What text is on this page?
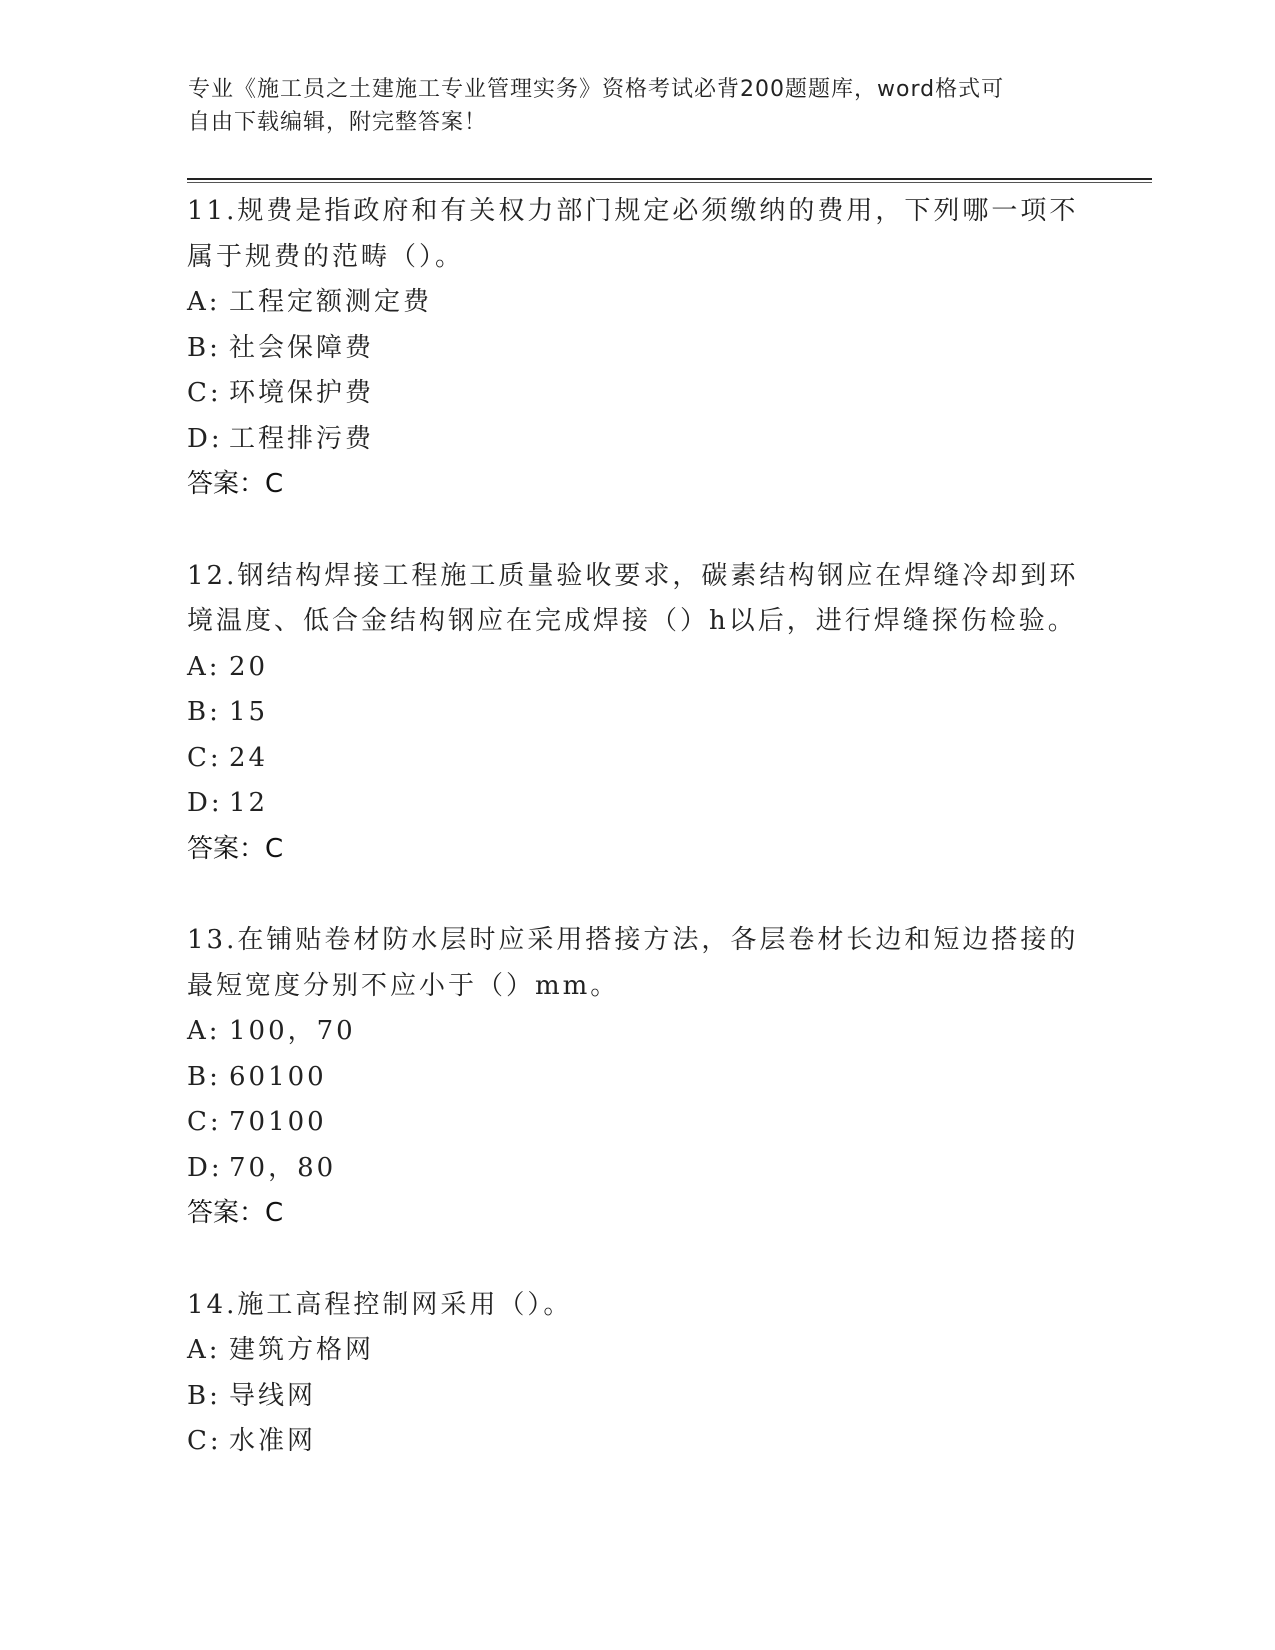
专业《施工员之土建施工专业管理实务》资格考试必背200题题库，word格式可
自由下载编辑，附完整答案！

11.规费是指政府和有关权力部门规定必须缴纳的费用，下列哪一项不

属于规费的范畴（）。

A: 工程定额测定费

B: 社会保障费

C: 环境保护费

D: 工程排污费

答案：C

12.钢结构焊接工程施工质量验收要求，碳素结构钢应在焊缝冷却到环

境温度、低合金结构钢应在完成焊接（）h以后，进行焊缝探伤检验。

A: 20

B: 15

C: 24

D: 12

答案：C

13.在铺贴卷材防水层时应采用搭接方法，各层卷材长边和短边搭接的

最短宽度分别不应小于（）mm。

A: 100，70

B: 60100

C: 70100

D: 70，80

答案：C

14.施工高程控制网采用（）。

A: 建筑方格网

B: 导线网

C: 水准网
